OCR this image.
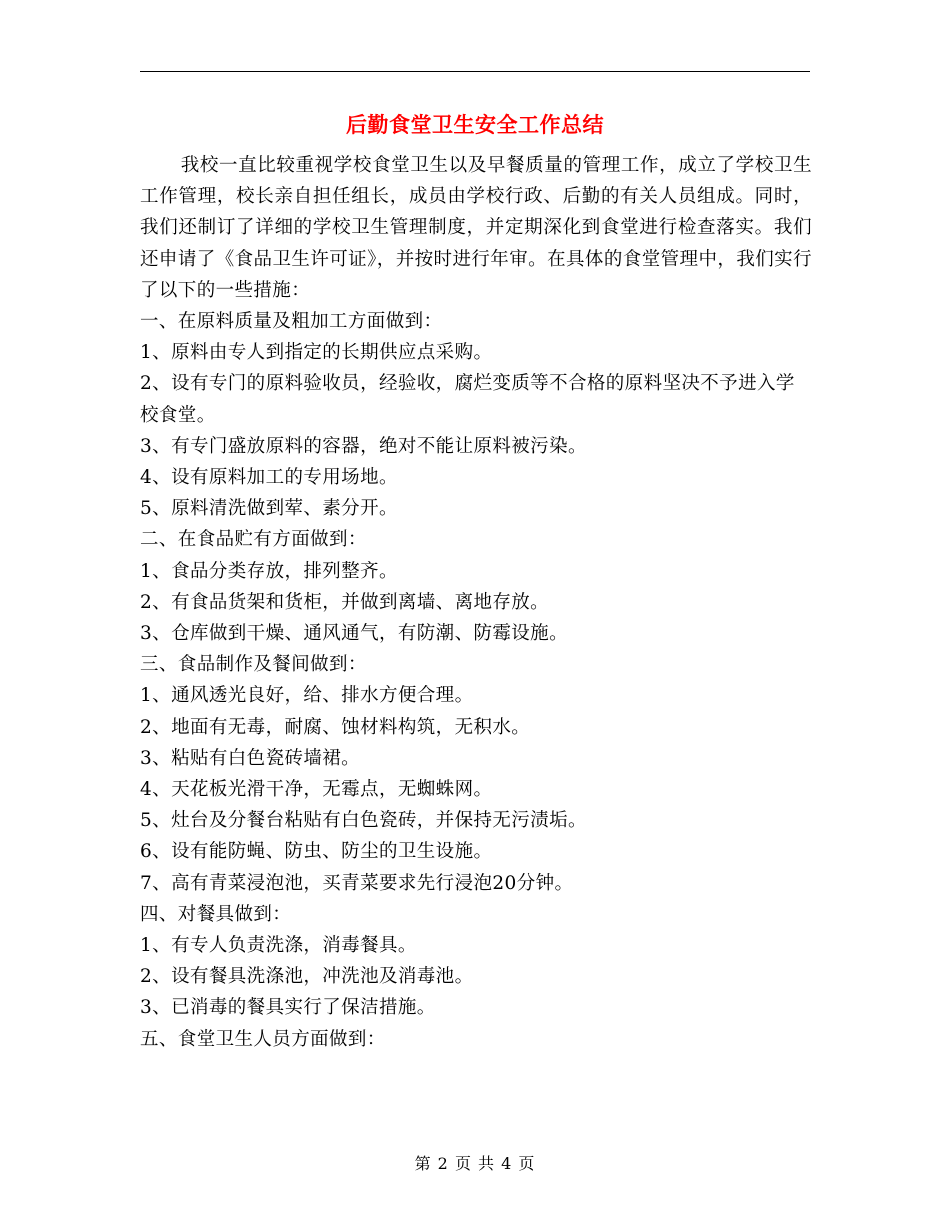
后勤食堂卫生安全工作总结

我校一直比较重视学校食堂卫生以及早餐质量的管理工作，成立了学校卫生工作管理，校长亲自担任组长，成员由学校行政、后勤的有关人员组成。同时，我们还制订了详细的学校卫生管理制度，并定期深化到食堂进行检查落实。我们还申请了《食品卫生许可证》，并按时进行年审。在具体的食堂管理中，我们实行了以下的一些措施：

一、在原料质量及粗加工方面做到：

1、原料由专人到指定的长期供应点采购。

2、设有专门的原料验收员，经验收，腐烂变质等不合格的原料坚决不予进入学校食堂。

3、有专门盛放原料的容器，绝对不能让原料被污染。

4、设有原料加工的专用场地。

5、原料清洗做到荤、素分开。

二、在食品贮有方面做到：

1、食品分类存放，排列整齐。

2、有食品货架和货柜，并做到离墙、离地存放。

3、仓库做到干燥、通风通气，有防潮、防霉设施。

三、食品制作及餐间做到：

1、通风透光良好，给、排水方便合理。

2、地面有无毒，耐腐、蚀材料构筑，无积水。

3、粘贴有白色瓷砖墙裙。

4、天花板光滑干净，无霉点，无蜘蛛网。

5、灶台及分餐台粘贴有白色瓷砖，并保持无污渍垢。

6、设有能防蝇、防虫、防尘的卫生设施。

7、高有青菜浸泡池，买青菜要求先行浸泡20分钟。

四、对餐具做到：

1、有专人负责洗涤，消毒餐具。

2、设有餐具洗涤池，冲洗池及消毒池。

3、已消毒的餐具实行了保洁措施。

五、食堂卫生人员方面做到：

第 2 页 共 4 页
